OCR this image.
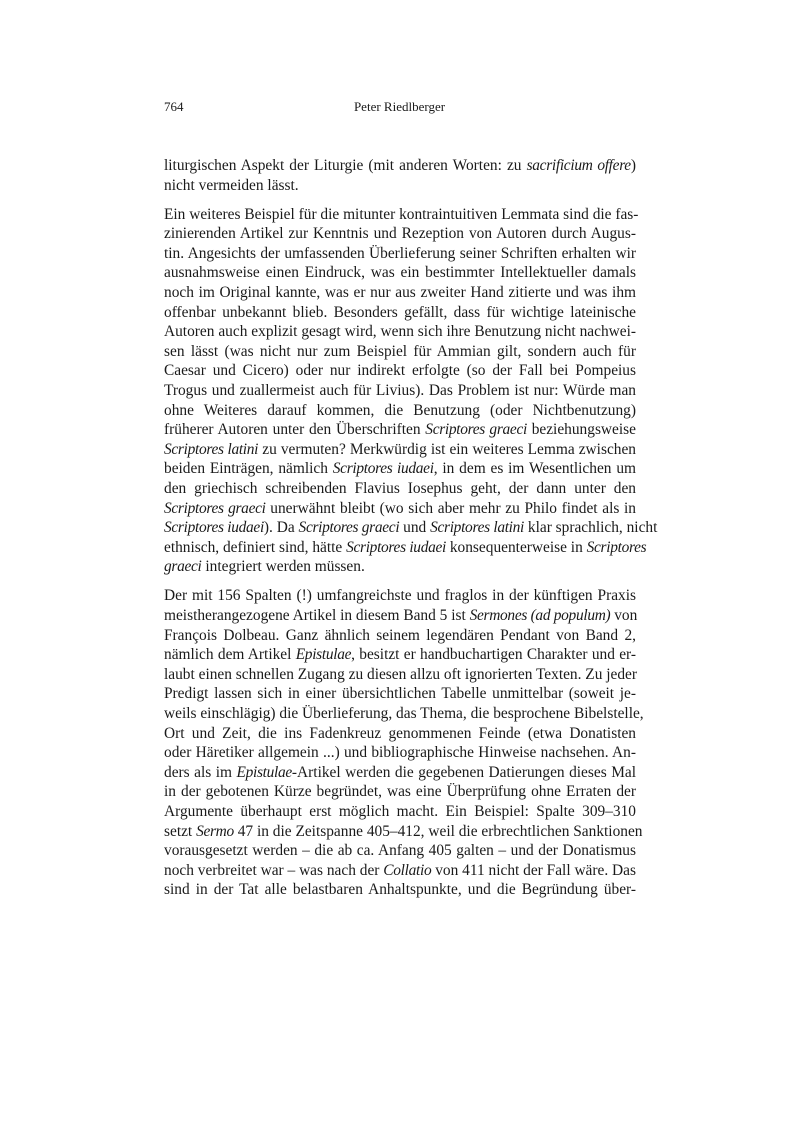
764	Peter Riedlberger
liturgischen Aspekt der Liturgie (mit anderen Worten: zu sacrificium offere)
nicht vermeiden lässt.
Ein weiteres Beispiel für die mitunter kontraintuitiven Lemmata sind die fas-
zinierenden Artikel zur Kenntnis und Rezeption von Autoren durch Augus-
tin. Angesichts der umfassenden Überlieferung seiner Schriften erhalten wir
ausnahmsweise einen Eindruck, was ein bestimmter Intellektueller damals
noch im Original kannte, was er nur aus zweiter Hand zitierte und was ihm
offenbar unbekannt blieb. Besonders gefällt, dass für wichtige lateinische
Autoren auch explizit gesagt wird, wenn sich ihre Benutzung nicht nachwei-
sen lässt (was nicht nur zum Beispiel für Ammian gilt, sondern auch für
Caesar und Cicero) oder nur indirekt erfolgte (so der Fall bei Pompeius
Trogus und zuallermeist auch für Livius). Das Problem ist nur: Würde man
ohne Weiteres darauf kommen, die Benutzung (oder Nichtbenutzung)
früherer Autoren unter den Überschriften Scriptores graeci beziehungsweise
Scriptores latini zu vermuten? Merkwürdig ist ein weiteres Lemma zwischen
beiden Einträgen, nämlich Scriptores iudaei, in dem es im Wesentlichen um
den griechisch schreibenden Flavius Iosephus geht, der dann unter den
Scriptores graeci unerwähnt bleibt (wo sich aber mehr zu Philo findet als in
Scriptores iudaei). Da Scriptores graeci und Scriptores latini klar sprachlich, nicht
ethnisch, definiert sind, hätte Scriptores iudaei konsequenterweise in Scriptores
graeci integriert werden müssen.
Der mit 156 Spalten (!) umfangreichste und fraglos in der künftigen Praxis
meistherangezogene Artikel in diesem Band 5 ist Sermones (ad populum) von
François Dolbeau. Ganz ähnlich seinem legendären Pendant von Band 2,
nämlich dem Artikel Epistulae, besitzt er handbuchartigen Charakter und er-
laubt einen schnellen Zugang zu diesen allzu oft ignorierten Texten. Zu jeder
Predigt lassen sich in einer übersichtlichen Tabelle unmittelbar (soweit je-
weils einschlägig) die Überlieferung, das Thema, die besprochene Bibelstelle,
Ort und Zeit, die ins Fadenkreuz genommenen Feinde (etwa Donatisten
oder Häretiker allgemein ...) und bibliographische Hinweise nachsehen. An-
ders als im Epistulae-Artikel werden die gegebenen Datierungen dieses Mal
in der gebotenen Kürze begründet, was eine Überprüfung ohne Erraten der
Argumente überhaupt erst möglich macht. Ein Beispiel: Spalte 309–310
setzt Sermo 47 in die Zeitspanne 405–412, weil die erbrechtlichen Sanktionen
vorausgesetzt werden – die ab ca. Anfang 405 galten – und der Donatismus
noch verbreitet war – was nach der Collatio von 411 nicht der Fall wäre. Das
sind in der Tat alle belastbaren Anhaltspunkte, und die Begründung über-
